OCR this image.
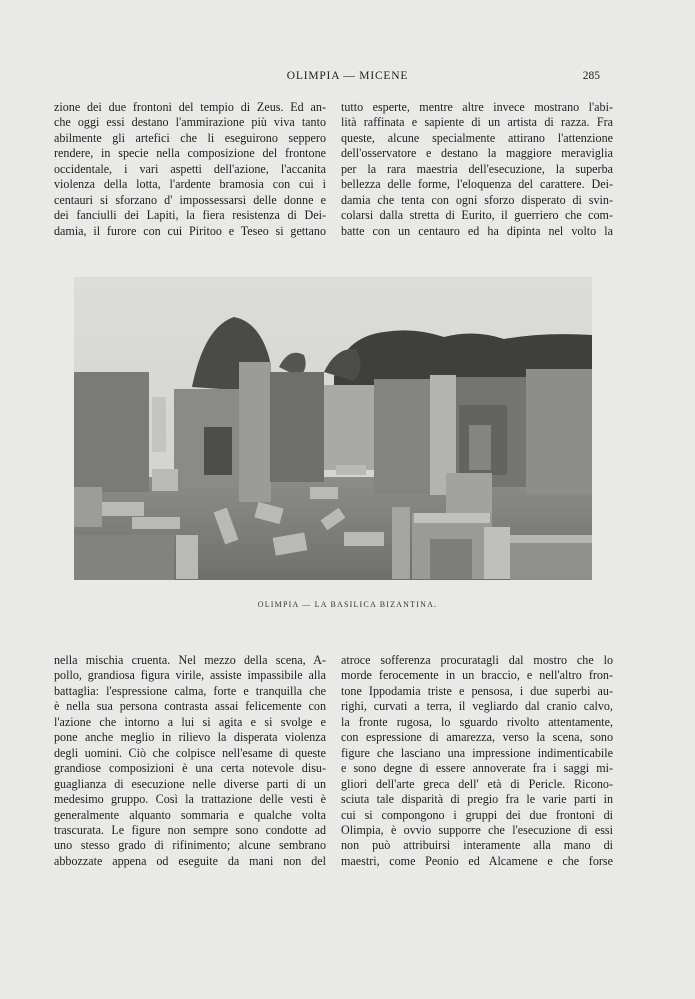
OLIMPIA — MICENE	285
zione dei due frontoni del tempio di Zeus. Ed an-
che oggi essi destano l'ammirazione più viva tanto
abilmente gli artefici che li eseguirono seppero
rendere, in specie nella composizione del frontone
occidentale, i vari aspetti dell'azione, l'accanita
violenza della lotta, l'ardente bramosia con cui i
centauri si sforzano d' impossessarsi delle donne e
dei fanciulli dei Lapiti, la fiera resistenza di Dei-
damia, il furore con cui Piritoo e Teseo si gettano
tutto esperte, mentre altre invece mostrano l'abi-
lità raffinata e sapiente di un artista di razza. Fra
queste, alcune specialmente attirano l'attenzione
dell'osservatore e destano la maggiore meraviglia
per la rara maestria dell'esecuzione, la superba
bellezza delle forme, l'eloquenza del carattere. Dei-
damia che tenta con ogni sforzo disperato di svin-
colarsi dalla stretta di Eurito, il guerriero che com-
batte con un centauro ed ha dipinta nel volto la
OLIMPIA — LA BASILICA BIZANTINA.
nella mischia cruenta. Nel mezzo della scena, A-
pollo, grandiosa figura virile, assiste impassibile alla
battaglia: l'espressione calma, forte e tranquilla che
è nella sua persona contrasta assai felicemente con
l'azione che intorno a lui si agita e si svolge e
pone anche meglio in rilievo la disperata violenza
degli uomini. Ciò che colpisce nell'esame di queste
grandiose composizioni è una certa notevole disu-
guaglianza di esecuzione nelle diverse parti di un
medesimo gruppo. Così la trattazione delle vesti è
generalmente alquanto sommaria e qualche volta
trascurata. Le figure non sempre sono condotte ad
uno stesso grado di rifinimento; alcune sembrano
abbozzate appena od eseguite da mani non del
atroce sofferenza procuratagli dal mostro che lo
morde ferocemente in un braccio, e nell'altro fron-
tone Ippodamia triste e pensosa, i due superbi au-
righi, curvati a terra, il vegliardo dal cranio calvo,
la fronte rugosa, lo sguardo rivolto attentamente,
con espressione di amarezza, verso la scena, sono
figure che lasciano una impressione indimenticabile
e sono degne di essere annoverate fra i saggi mi-
gliori dell'arte greca dell' età di Pericle. Ricono-
sciuta tale disparità di pregio fra le varie parti in
cui si compongono i gruppi dei due frontoni di
Olimpia, è ovvio supporre che l'esecuzione di essi
non può attribuirsi interamente alla mano di
maestri, come Peonio ed Alcamene e che forse
